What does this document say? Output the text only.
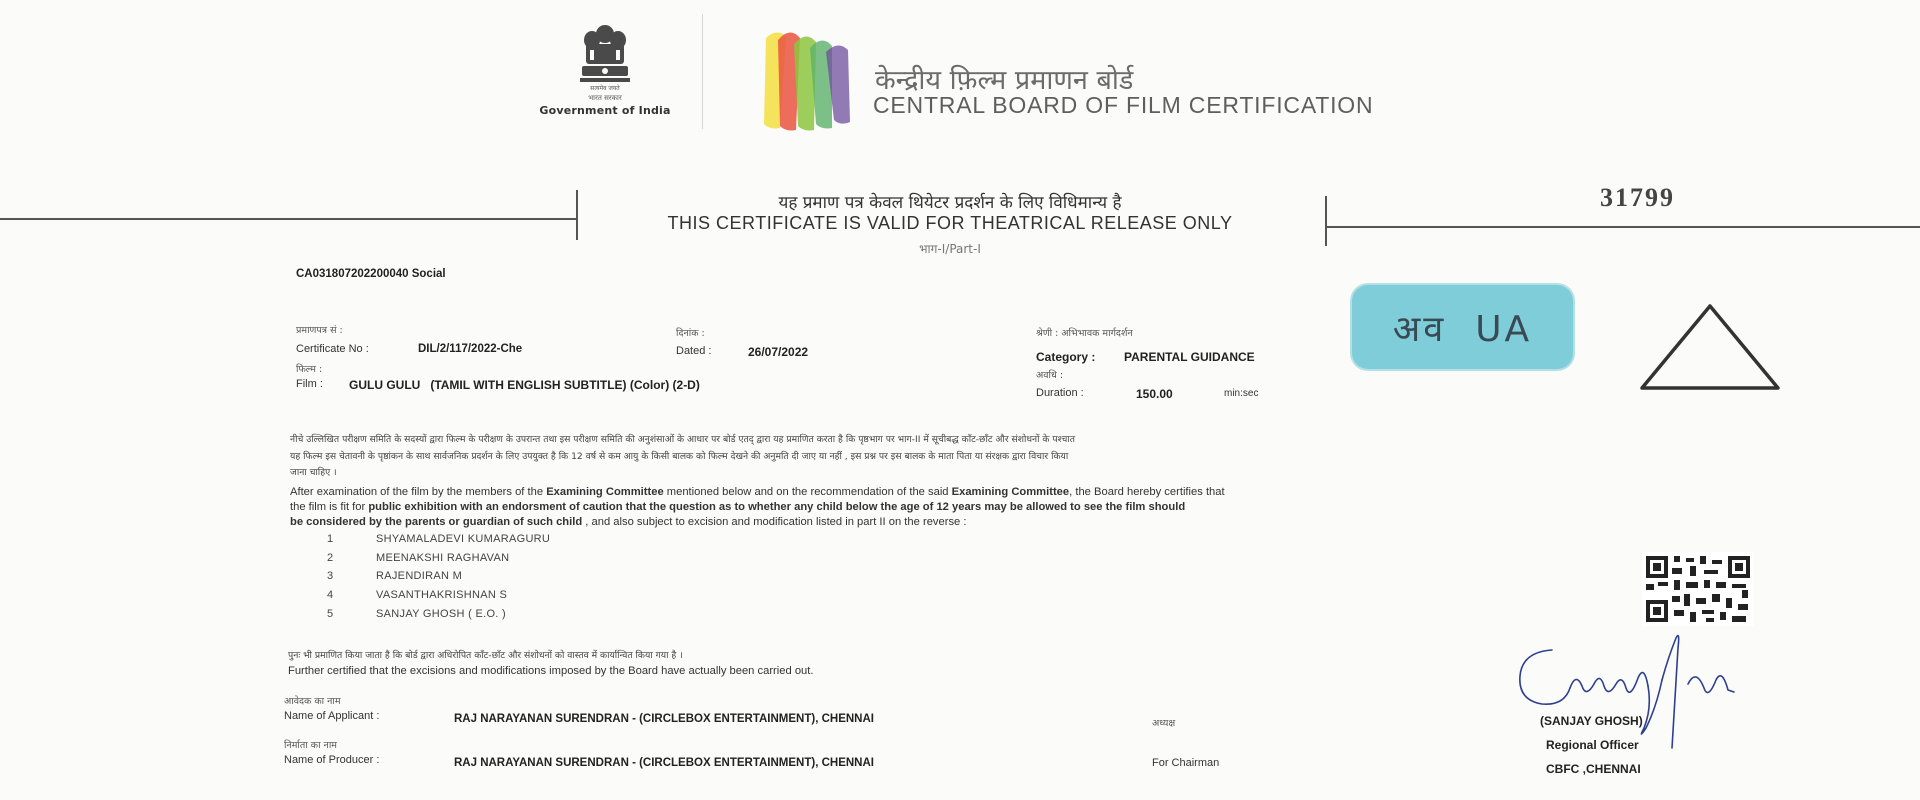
सत्यमेव जयते
भारत सरकार
Government of India
केन्द्रीय फ़िल्म प्रमाणन बोर्ड
CENTRAL BOARD OF FILM CERTIFICATION
यह प्रमाण पत्र केवल थियेटर प्रदर्शन के लिए विधिमान्य है
THIS CERTIFICATE IS VALID FOR THEATRICAL RELEASE ONLY
भाग-I/Part-I
31799
CA031807202200040 Social
प्रमाणपत्र सं :
Certificate No :	DIL/2/117/2022-Che
दिनांक :
Dated :	26/07/2022
फिल्म :
Film : GULU GULU   (TAMIL WITH ENGLISH SUBTITLE) (Color) (2-D)
श्रेणी : अभिभावक मार्गदर्शन
Category : PARENTAL GUIDANCE
अवधि :
Duration :	150.00	min:sec
अव  UA
नीचे उल्लिखित परीक्षण समिति के सदस्यों द्वारा फिल्म के परीक्षण के उपरान्त तथा इस परीक्षण समिति की अनुशंसाओं के आधार पर बोर्ड एतद् द्वारा यह प्रमाणित करता है कि पृष्ठभाग पर भाग-II में सूचीबद्ध काँट-छाँट और संशोधनों के पश्चात
यह फिल्म इस चेतावनी के पृष्ठांकन के साथ सार्वजनिक प्रदर्शन के लिए उपयुक्त है कि 12 वर्ष से कम आयु के किसी बालक को फिल्म देखने की अनुमति दी जाए या नहीं , इस प्रश्न पर इस बालक के माता पिता या संरक्षक द्वारा विचार किया
जाना चाहिए ।
After examination of the film by the members of the Examining Committee mentioned below and on the recommendation of the said Examining Committee, the Board hereby certifies that
the film is fit for public exhibition with an endorsment of caution that the question as to whether any child below the age of 12 years may be allowed to see the film should
be considered by the parents or guardian of such child , and also subject to excision and modification listed in part II on the reverse :
1	SHYAMALADEVI KUMARAGURU
2	MEENAKSHI RAGHAVAN
3	RAJENDIRAN M
4	VASANTHAKRISHNAN S
5	SANJAY GHOSH ( E.O. )
पुनः भी प्रमाणित किया जाता है कि बोर्ड द्वारा अधिरोपित काँट-छाँट और संशोधनों को वास्तव में कार्यान्वित किया गया है ।
Further certified that the excisions and modifications imposed by the Board have actually been carried out.
आवेदक का नाम
Name of Applicant :	RAJ NARAYANAN SURENDRAN - (CIRCLEBOX ENTERTAINMENT), CHENNAI	अध्यक्ष
निर्माता का नाम
Name of Producer :	RAJ NARAYANAN SURENDRAN - (CIRCLEBOX ENTERTAINMENT), CHENNAI	For Chairman
(SANJAY GHOSH)
Regional Officer
CBFC ,CHENNAI
